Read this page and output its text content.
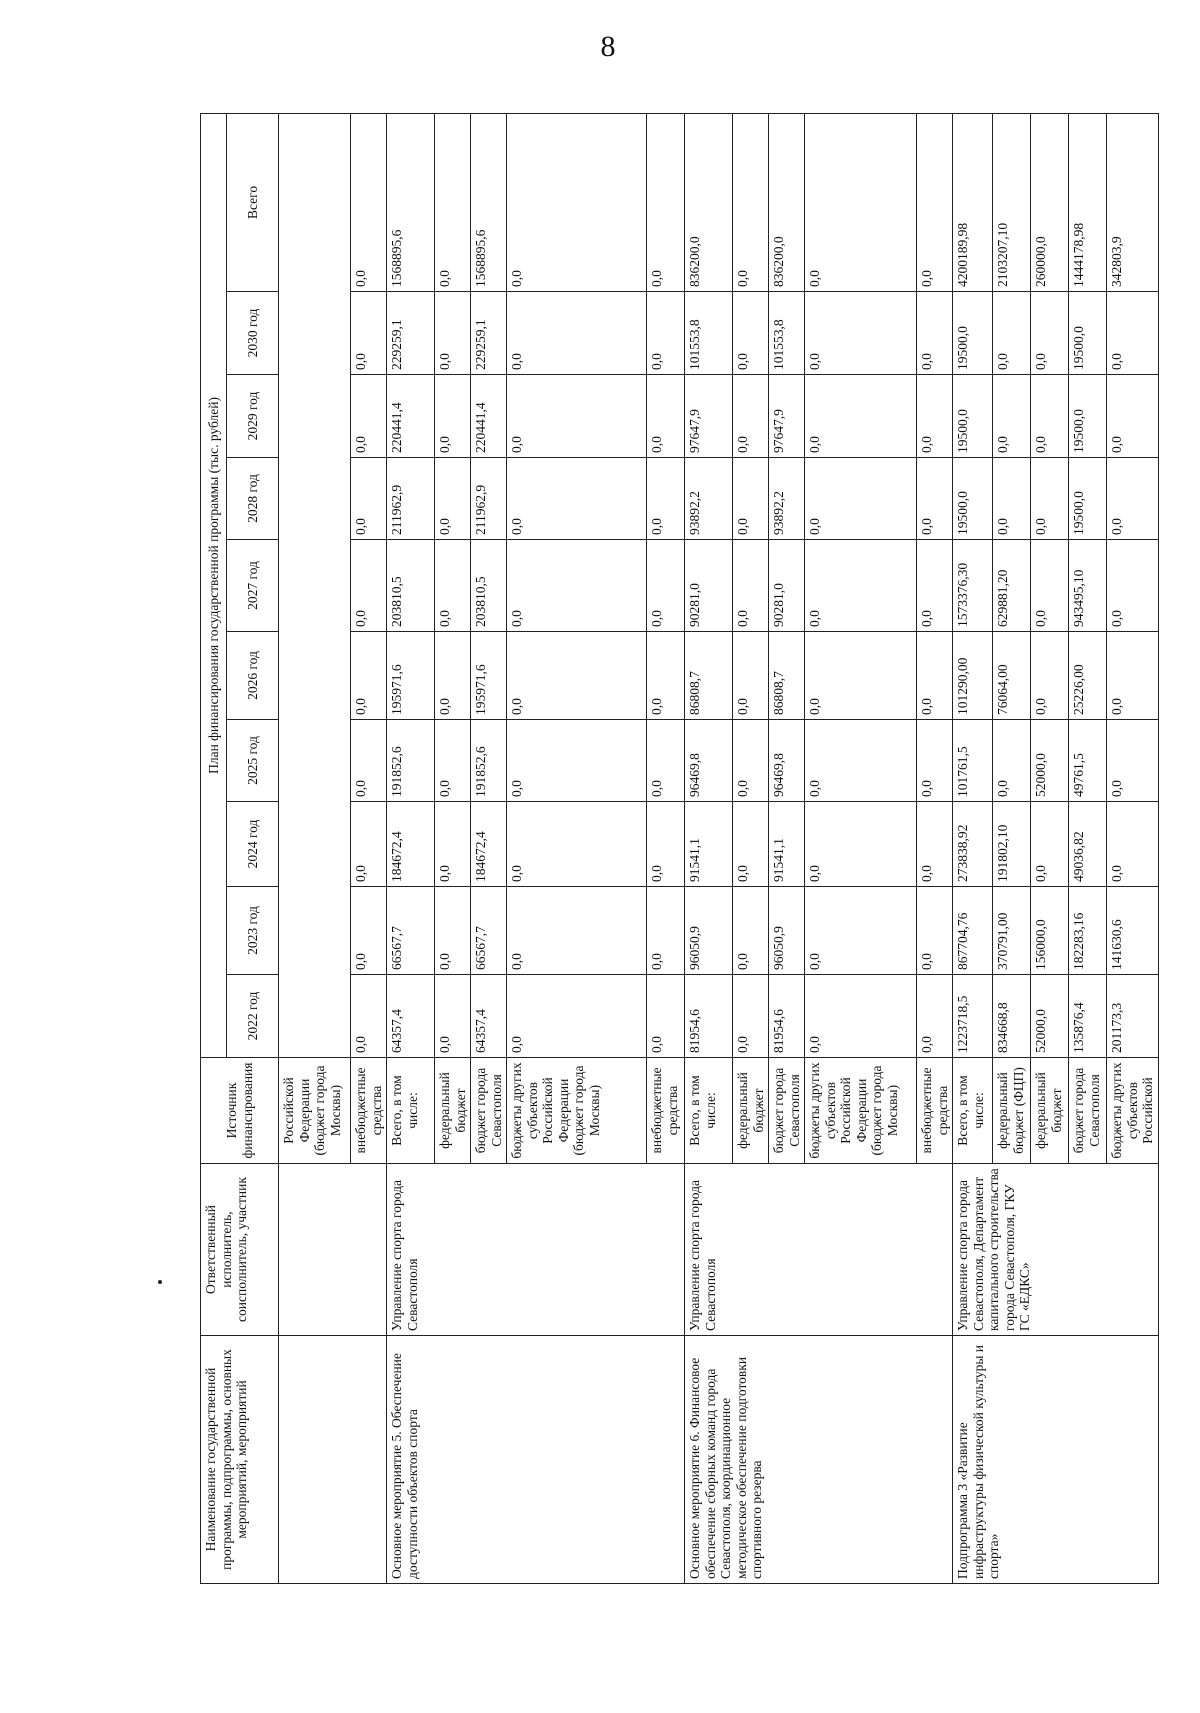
8
Наименование государственной программы, подпрограммы, основных мероприятий, мероприятий	Ответственный исполнитель, соисполнитель, участник	Источник финансирования	План финансирования государственной программы (тыс. рублей)									
			2022 год	2023 год	2024 год	2025 год	2026 год	2027 год	2028 год	2029 год	2030 год	Всего
		Российской Федерации (бюджет города Москвы)										
		внебюджетные средства	0,0	0,0	0,0	0,0	0,0	0,0	0,0	0,0	0,0	0,0
Основное мероприятие 5. Обеспечение доступности объектов спорта	Управление спорта города Севастополя	Всего, в том числе:	64357,4	66567,7	184672,4	191852,6	195971,6	203810,5	211962,9	220441,4	229259,1	1568895,6
		федеральный бюджет	0,0	0,0	0,0	0,0	0,0	0,0	0,0	0,0	0,0	0,0
		бюджет города Севастополя	64357,4	66567,7	184672,4	191852,6	195971,6	203810,5	211962,9	220441,4	229259,1	1568895,6
		бюджеты других субъектов Российской Федерации (бюджет города Москвы)	0,0	0,0	0,0	0,0	0,0	0,0	0,0	0,0	0,0	0,0
		внебюджетные средства	0,0	0,0	0,0	0,0	0,0	0,0	0,0	0,0	0,0	0,0
Основное мероприятие 6. Финансовое обеспечение сборных команд города Севастополя, координационное методическое обеспечение подготовки спортивного резерва	Управление спорта города Севастополя	Всего, в том числе:	81954,6	96050,9	91541,1	96469,8	86808,7	90281,0	93892,2	97647,9	101553,8	836200,0
		федеральный бюджет	0,0	0,0	0,0	0,0	0,0	0,0	0,0	0,0	0,0	0,0
		бюджет города Севастополя	81954,6	96050,9	91541,1	96469,8	86808,7	90281,0	93892,2	97647,9	101553,8	836200,0
		бюджеты других субъектов Российской Федерации (бюджет города Москвы)	0,0	0,0	0,0	0,0	0,0	0,0	0,0	0,0	0,0	0,0
		внебюджетные средства	0,0	0,0	0,0	0,0	0,0	0,0	0,0	0,0	0,0	0,0
Подпрограмма 3 «Развитие инфраструктуры физической культуры и спорта»	Управление спорта города Севастополя, Департамент капитального строительства города Севастополя, ГКУ ГС «ЕДКС»	Всего, в том числе:	1223718,5	867704,76	273838,92	101761,5	101290,00	1573376,30	19500,0	19500,0	19500,0	4200189,98
		федеральный бюджет (ФЦП)	834668,8	370791,00	191802,10	0,0	76064,00	629881,20	0,0	0,0	0,0	2103207,10
		федеральный бюджет	52000,0	156000,0	0,0	52000,0	0,0	0,0	0,0	0,0	0,0	260000,0
		бюджет города Севастополя	135876,4	182283,16	49036,82	49761,5	25226,00	943495,10	19500,0	19500,0	19500,0	1444178,98
		бюджеты других субъектов Российской	201173,3	141630,6	0,0	0,0	0,0	0,0	0,0	0,0	0,0	342803,9
